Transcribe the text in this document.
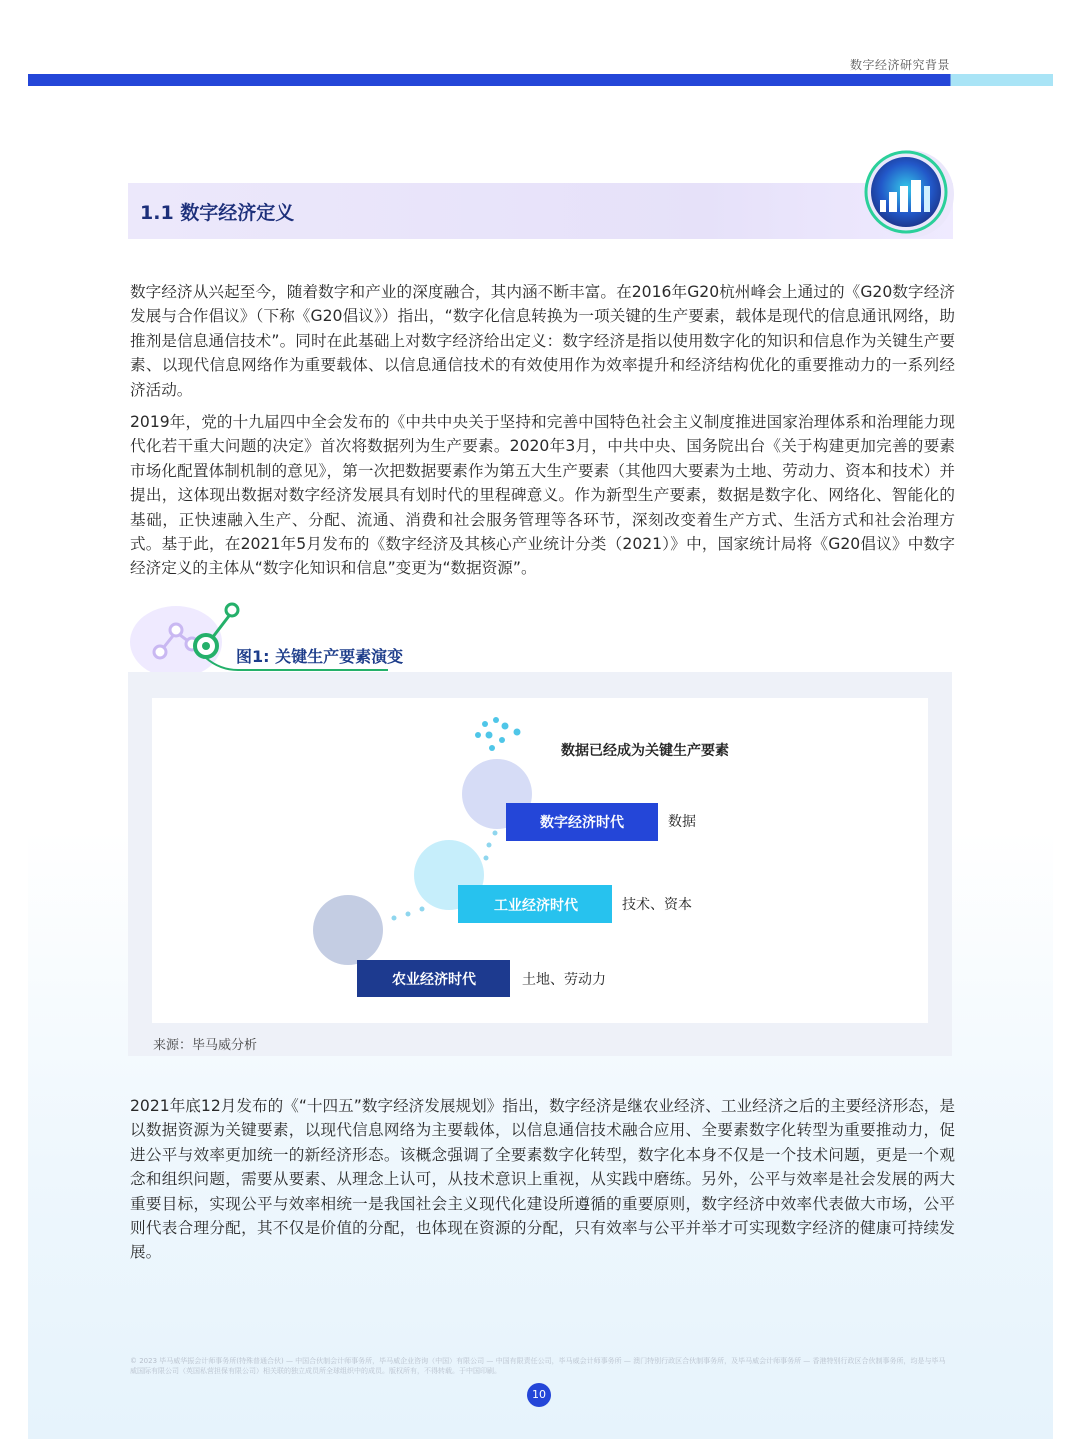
数字经济研究背景
1.1 数字经济定义

数字经济从兴起至今，随着数字和产业的深度融合，其内涵不断丰富。在2016年G20杭州峰会上通过的《G20数字经济发展与合作倡议》（下称《G20倡议》）指出，“数字化信息转换为一项关键的生产要素，载体是现代的信息通讯网络，助推剂是信息通信技术”。同时在此基础上对数字经济给出定义：数字经济是指以使用数字化的知识和信息作为关键生产要素、以现代信息网络作为重要载体、以信息通信技术的有效使用作为效率提升和经济结构优化的重要推动力的一系列经济活动。

2019年，党的十九届四中全会发布的《中共中央关于坚持和完善中国特色社会主义制度推进国家治理体系和治理能力现代化若干重大问题的决定》首次将数据列为生产要素。2020年3月，中共中央、国务院出台《关于构建更加完善的要素市场化配置体制机制的意见》，第一次把数据要素作为第五大生产要素（其他四大要素为土地、劳动力、资本和技术）并提出，这体现出数据对数字经济发展具有划时代的里程碑意义。作为新型生产要素，数据是数字化、网络化、智能化的基础，正快速融入生产、分配、流通、消费和社会服务管理等各环节，深刻改变着生产方式、生活方式和社会治理方式。基于此，在2021年5月发布的《数字经济及其核心产业统计分类（2021）》中，国家统计局将《G20倡议》中数字经济定义的主体从“数字化知识和信息”变更为“数据资源”。

图1: 关键生产要素演变
农业经济时代	土地、劳动力
工业经济时代	技术、资本
数字经济时代	数据
数据已经成为关键生产要素
来源：毕马威分析

2021年底12月发布的《“十四五”数字经济发展规划》指出，数字经济是继农业经济、工业经济之后的主要经济形态，是以数据资源为关键要素，以现代信息网络为主要载体，以信息通信技术融合应用、全要素数字化转型为重要推动力，促进公平与效率更加统一的新经济形态。该概念强调了全要素数字化转型，数字化本身不仅是一个技术问题，更是一个观念和组织问题，需要从要素、从理念上认可，从技术意识上重视，从实践中磨练。另外，公平与效率是社会发展的两大重要目标，实现公平与效率相统一是我国社会主义现代化建设所遵循的重要原则，数字经济中效率代表做大市场，公平则代表合理分配，其不仅是价值的分配，也体现在资源的分配，只有效率与公平并举才可实现数字经济的健康可持续发展。

© 2023 毕马威华振会计师事务所(特殊普通合伙) — 中国合伙制会计师事务所，毕马威企业咨询（中国）有限公司 — 中国有限责任公司，毕马威会计师事务所 — 澳门特别行政区合伙制事务所，及毕马威会计师事务所 — 香港特别行政区合伙制事务所，均是与毕马威国际有限公司（英国私营担保有限公司）相关联的独立成员所全球组织中的成员。版权所有，不得转载。于中国印刷。
10
